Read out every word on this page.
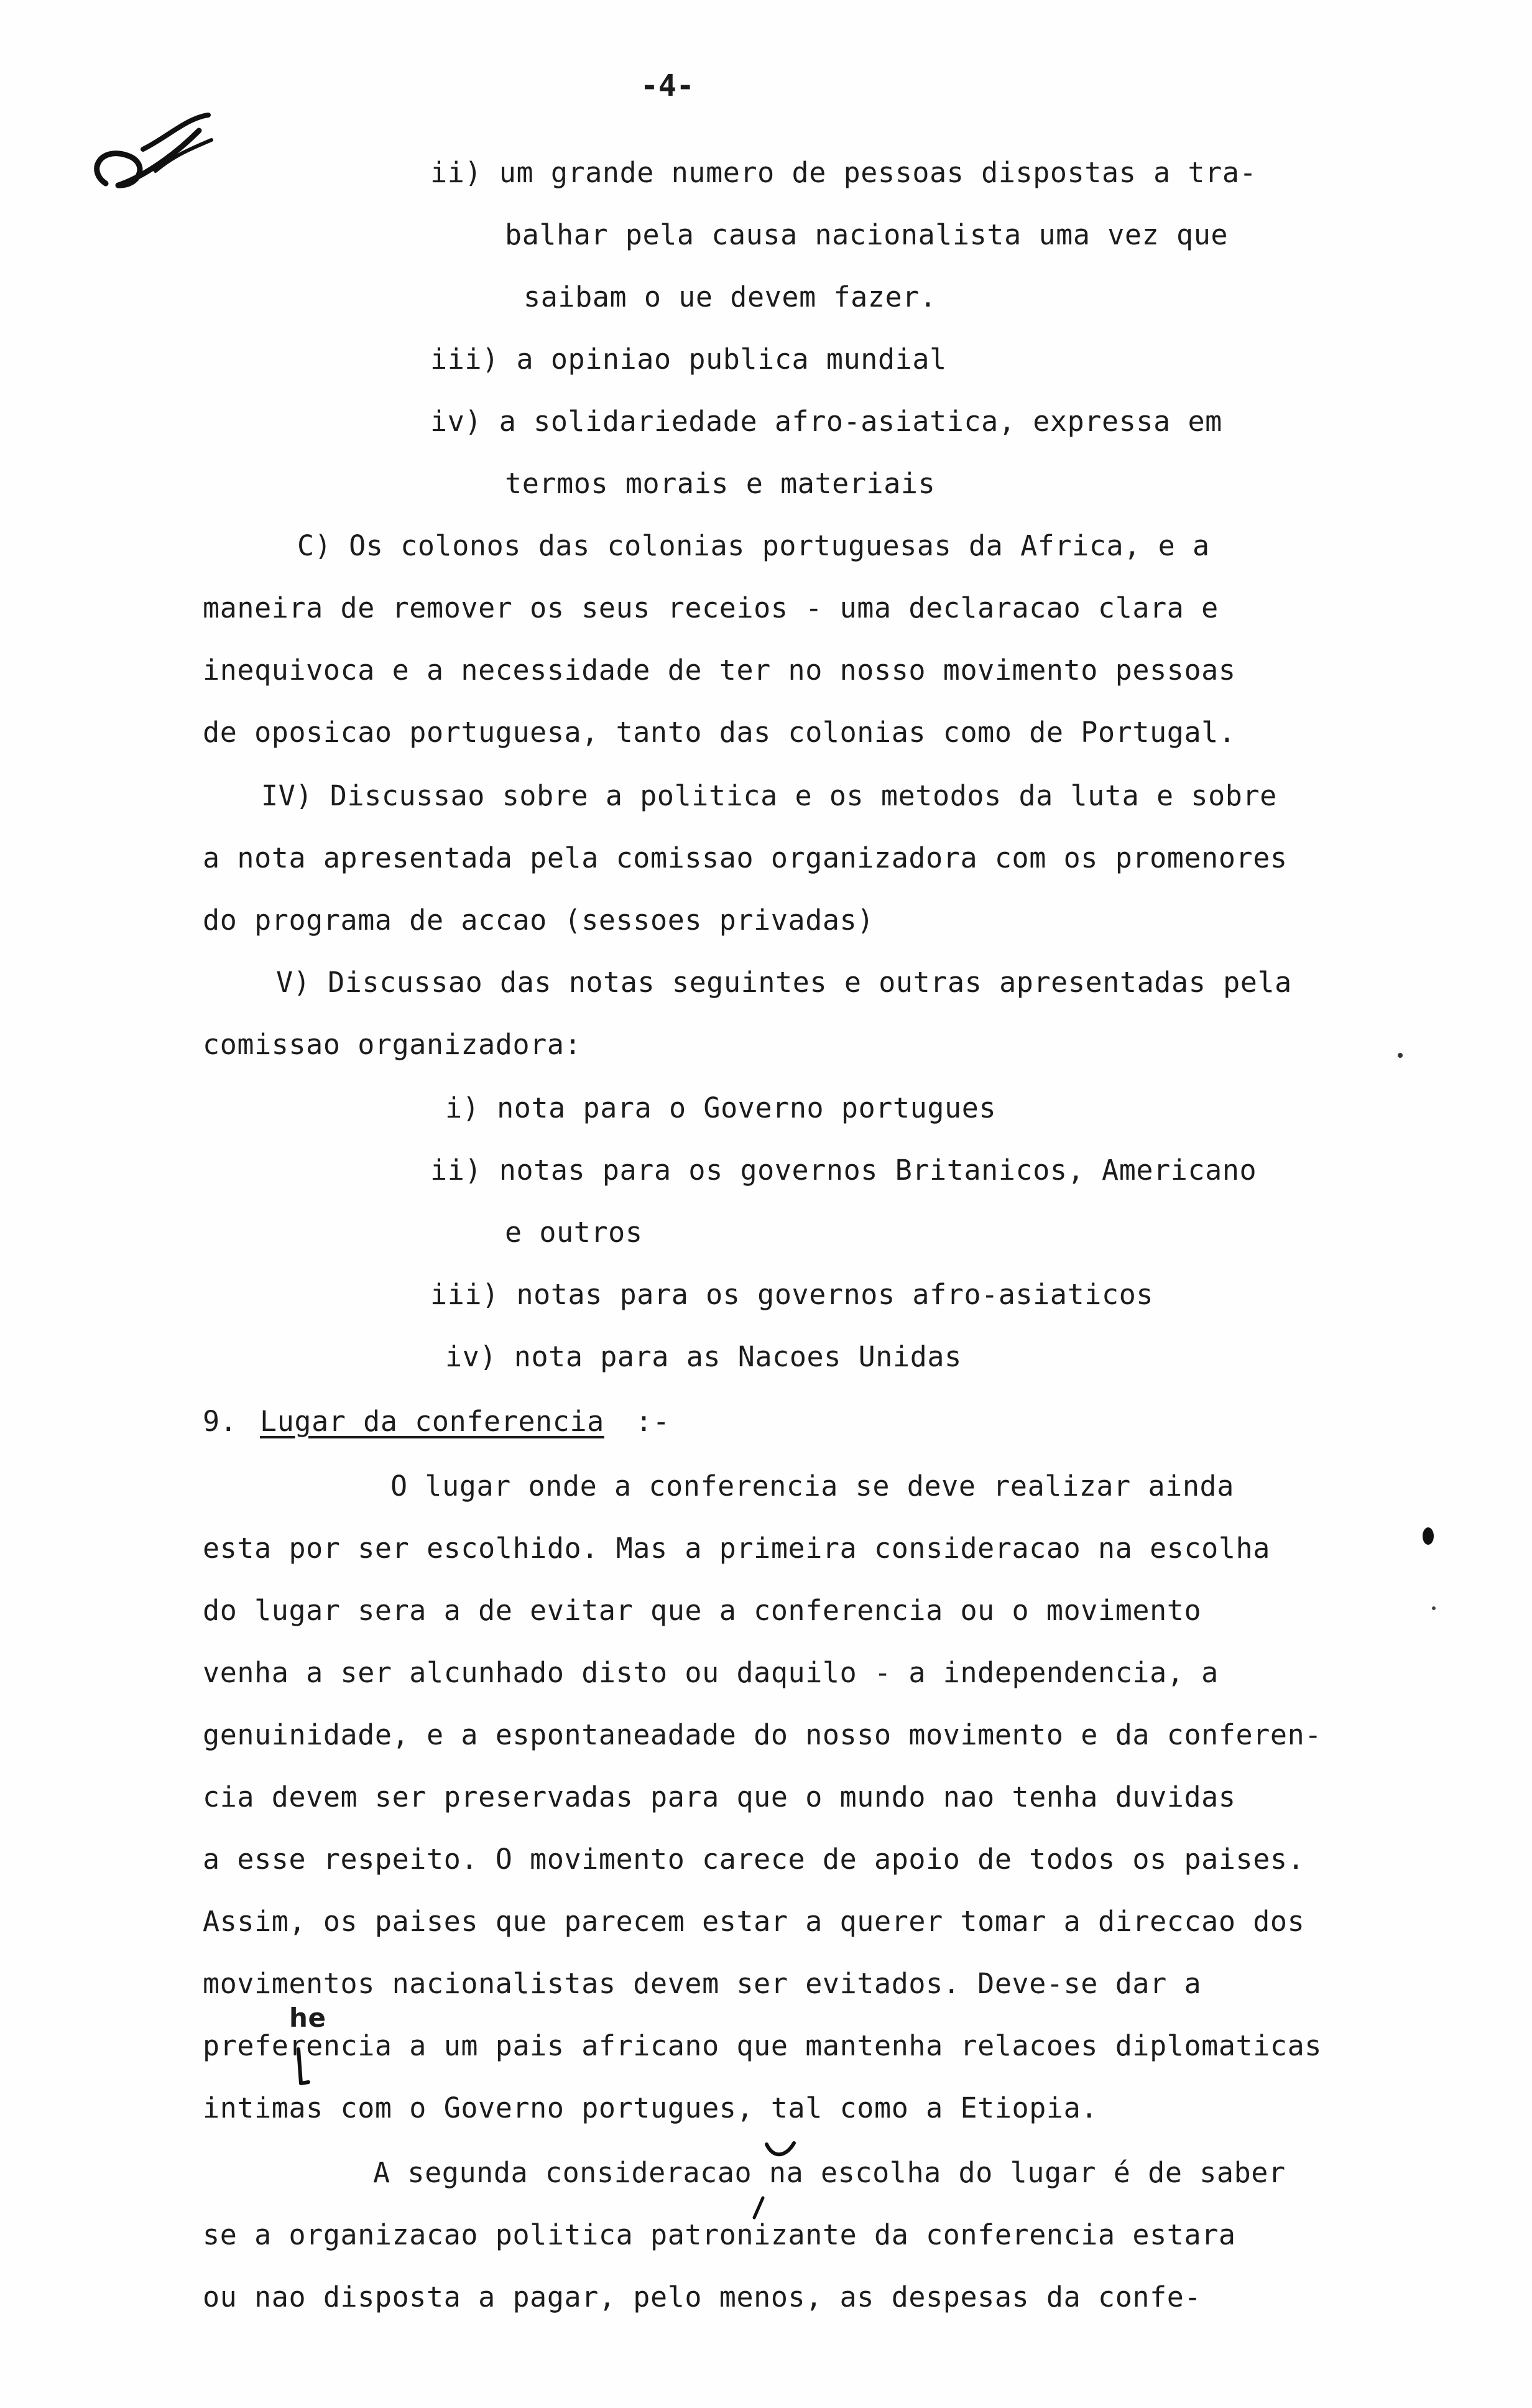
-4-
ii) um grande numero de pessoas dispostas a tra-
balhar pela causa nacionalista uma vez que
saibam o ue devem fazer.
iii) a opiniao publica mundial
iv) a solidariedade afro-asiatica, expressa em
termos morais e materiais
C) Os colonos das colonias portuguesas da Africa, e a
maneira de remover os seus receios - uma declaracao clara e
inequivoca e a necessidade de ter no nosso movimento pessoas
de oposicao portuguesa, tanto das colonias como de Portugal.
IV) Discussao sobre a politica e os metodos da luta e sobre
a nota apresentada pela comissao organizadora com os promenores
do programa de accao (sessoes privadas)
V) Discussao das notas seguintes e outras apresentadas pela
comissao organizadora:
i) nota para o Governo portugues
ii) notas para os governos Britanicos, Americano
e outros
iii) notas para os governos afro-asiaticos
iv) nota para as Nacoes Unidas
9. Lugar da conferencia :-
O lugar onde a conferencia se deve realizar ainda
esta por ser escolhido. Mas a primeira consideracao na escolha
do lugar sera a de evitar que a conferencia ou o movimento
venha a ser alcunhado disto ou daquilo - a independencia, a
genuinidade, e a espontaneadade do nosso movimento e da conferen-
cia devem ser preservadas para que o mundo nao tenha duvidas
a esse respeito. O movimento carece de apoio de todos os paises.
Assim, os paises que parecem estar a querer tomar a direccao dos
movimentos nacionalistas devem ser evitados. Deve-se dar a
he
preferencia a um pais africano que mantenha relacoes diplomaticas
intimas com o Governo portugues, tal como a Etiopia.
A segunda consideracao na escolha do lugar é de saber
se a organizacao politica patronizante da conferencia estara
ou nao disposta a pagar, pelo menos, as despesas da confe-
